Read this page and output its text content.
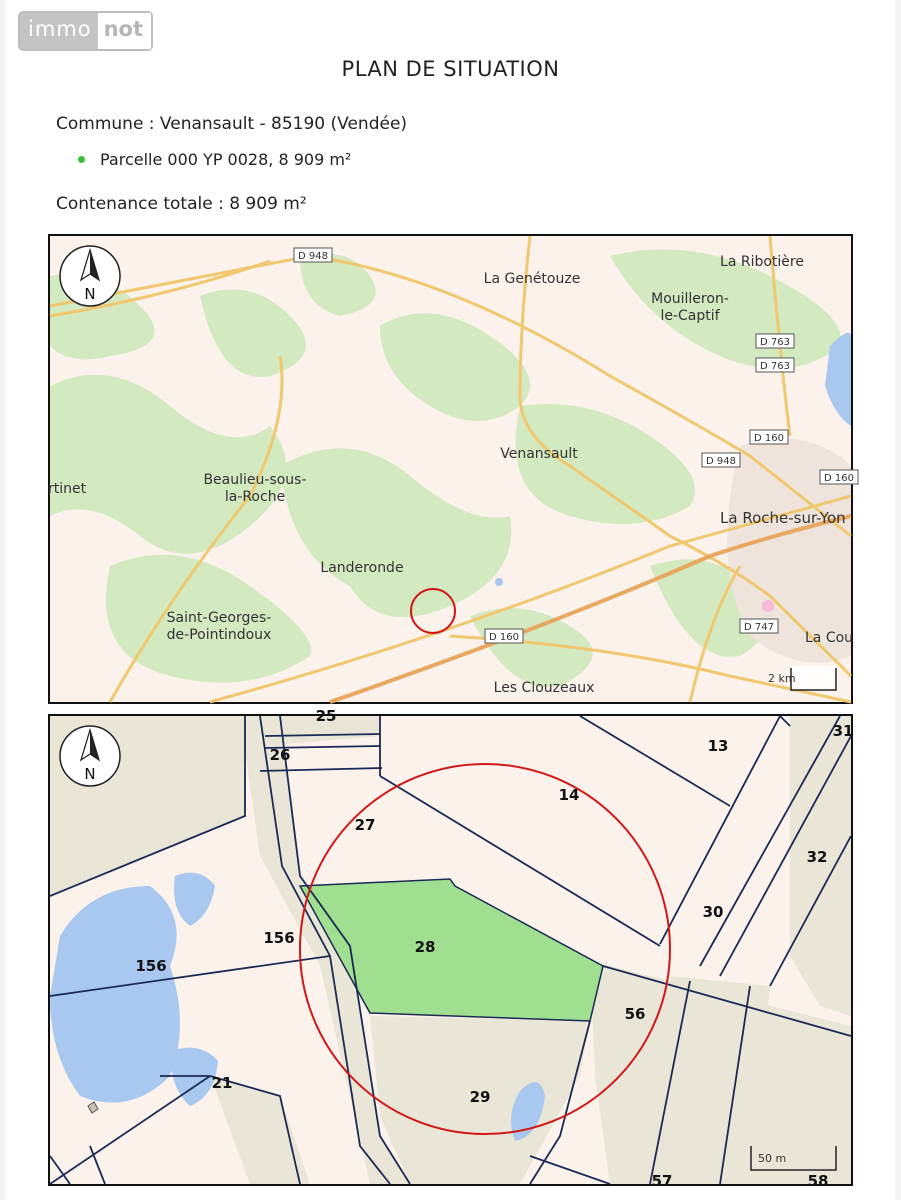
immo not
PLAN DE SITUATION
Commune : Venansault - 85190 (Vendée)
Parcelle 000 YP 0028, 8 909 m²
Contenance totale : 8 909 m²
N
La Genétouze
La Ribotière
Mouilleron-
le-Captif
Venansault
Beaulieu-sous-
la-Roche
rtinet
La Roche-sur-Yon
Landeronde
Saint-Georges-
de-Pointindoux
Les Clouzeaux
La Cou
D 948
D 763
D 763
D 160
D 948
D 160
D 160
D 747
2 km
N
25
26	13
31
14
27
32
30
156	28
156
56
21
29
57	58
50 m
